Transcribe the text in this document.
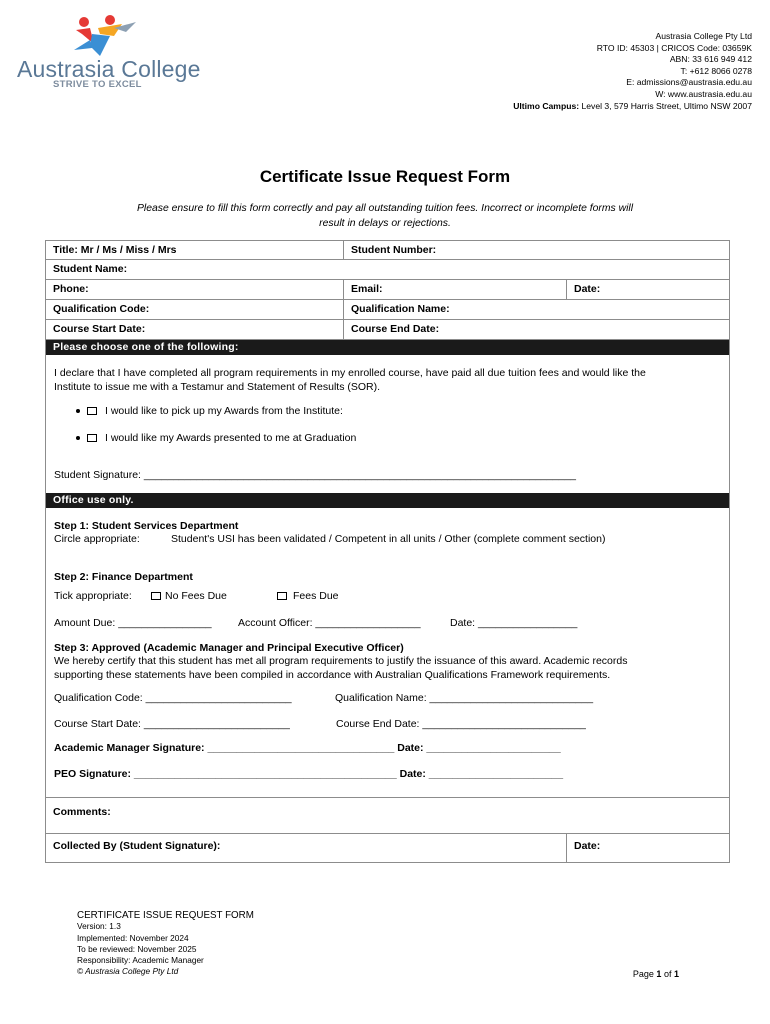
Austrasia College
STRIVE TO EXCEL
Austrasia College Pty Ltd
RTO ID: 45303 | CRICOS Code: 03659K
ABN: 33 616 949 412
T: +612 8066 0278
E: admissions@austrasia.edu.au
W: www.austrasia.edu.au
Ultimo Campus: Level 3, 579 Harris Street, Ultimo NSW 2007
Certificate Issue Request Form
Please ensure to fill this form correctly and pay all outstanding tuition fees. Incorrect or incomplete forms will
result in delays or rejections.
Title: Mr / Ms / Miss / Mrs	Student Number:
Student Name:
Phone:	Email:	Date:
Qualification Code:	Qualification Name:
Course Start Date:	Course End Date:
Please choose one of the following:
I declare that I have completed all program requirements in my enrolled course, have paid all due tuition fees and would like the
Institute to issue me with a Testamur and Statement of Results (SOR).
I would like to pick up my Awards from the Institute:
I would like my Awards presented to me at Graduation
Student Signature: __________________________________________________________________________
Office use only.
Step 1: Student Services Department
Circle appropriate:	Student's USI has been validated / Competent in all units / Other (complete comment section)
Step 2: Finance Department
Tick appropriate:	No Fees Due	Fees Due
Amount Due: ________________	Account Officer: __________________	Date: _________________
Step 3: Approved (Academic Manager and Principal Executive Officer)
We hereby certify that this student has met all program requirements to justify the issuance of this award. Academic records
supporting these statements have been compiled in accordance with Australian Qualifications Framework requirements.
Qualification Code: _________________________	Qualification Name: ____________________________
Course Start Date: _________________________	Course End Date: ____________________________
Academic Manager Signature: ________________________________ Date: _______________________
PEO Signature: _____________________________________________ Date: _______________________
Comments:
Collected By (Student Signature):	Date:
CERTIFICATE ISSUE REQUEST FORM
Version: 1.3
Implemented: November 2024
To be reviewed: November 2025
Responsibility: Academic Manager
© Austrasia College Pty Ltd	Page 1 of 1
